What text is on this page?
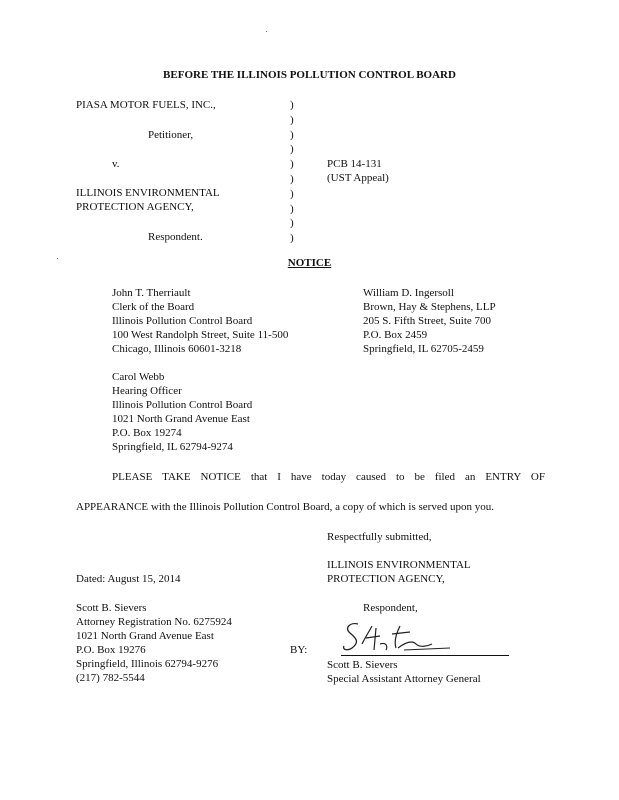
BEFORE THE ILLINOIS POLLUTION CONTROL BOARD
PIASA MOTOR FUELS, INC.,
Petitioner,
v.
ILLINOIS ENVIRONMENTAL
PROTECTION AGENCY,
Respondent.
)
)
)
)
)
)
)
)
)
)
PCB 14-131
(UST Appeal)
NOTICE
John T. Therriault
Clerk of the Board
Illinois Pollution Control Board
100 West Randolph Street, Suite 11-500
Chicago, Illinois 60601-3218
William D. Ingersoll
Brown, Hay & Stephens, LLP
205 S. Fifth Street, Suite 700
P.O. Box 2459
Springfield, IL 62705-2459
Carol Webb
Hearing Officer
Illinois Pollution Control Board
1021 North Grand Avenue East
P.O. Box 19274
Springfield, IL 62794-9274
PLEASE TAKE NOTICE that I have today caused to be filed an ENTRY OF
APPEARANCE with the Illinois Pollution Control Board, a copy of which is served upon you.
Respectfully submitted,
ILLINOIS ENVIRONMENTAL
PROTECTION AGENCY,
Dated: August 15, 2014
Respondent,
Scott B. Sievers
Attorney Registration No. 6275924
1021 North Grand Avenue East
P.O. Box 19276
Springfield, Illinois 62794-9276
(217) 782-5544
BY:
Scott B. Sievers
Special Assistant Attorney General
